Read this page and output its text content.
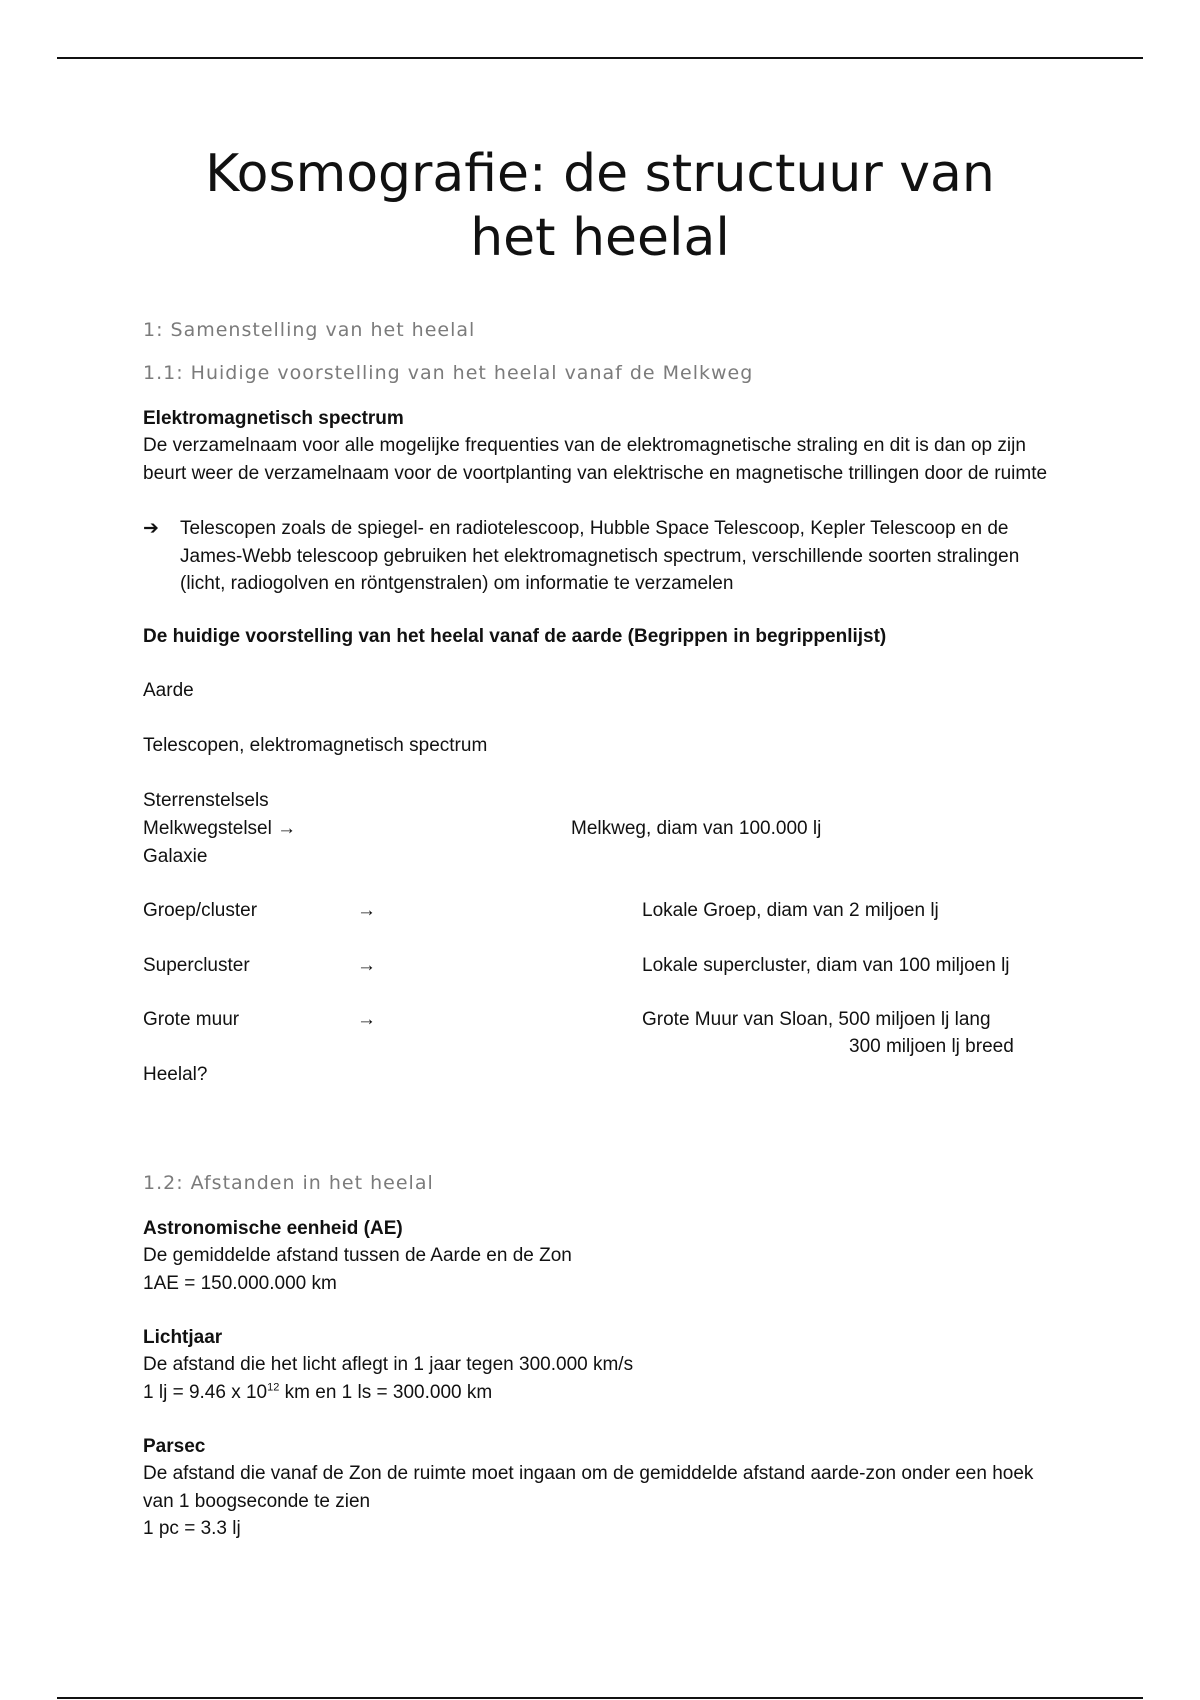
Kosmografie: de structuur van
het heelal
1: Samenstelling van het heelal
1.1: Huidige voorstelling van het heelal vanaf de Melkweg
Elektromagnetisch spectrum
De verzamelnaam voor alle mogelijke frequenties van de elektromagnetische straling en dit is dan op zijn beurt weer de verzamelnaam voor de voortplanting van elektrische en magnetische trillingen door de ruimte
➔ Telescopen zoals de spiegel- en radiotelescoop, Hubble Space Telescoop, Kepler Telescoop en de James-Webb telescoop gebruiken het elektromagnetisch spectrum, verschillende soorten stralingen (licht, radiogolven en röntgenstralen) om informatie te verzamelen
De huidige voorstelling van het heelal vanaf de aarde (Begrippen in begrippenlijst)
Aarde
Telescopen, elektromagnetisch spectrum
Sterrenstelsels
Melkwegstelsel →	Melkweg, diam van 100.000 lj
Galaxie
Groep/cluster	→	Lokale Groep, diam van 2 miljoen lj
Supercluster	→	Lokale supercluster, diam van 100 miljoen lj
Grote muur	→	Grote Muur van Sloan, 500 miljoen lj lang
300 miljoen lj breed
Heelal?
1.2: Afstanden in het heelal
Astronomische eenheid (AE)
De gemiddelde afstand tussen de Aarde en de Zon
1AE = 150.000.000 km
Lichtjaar
De afstand die het licht aflegt in 1 jaar tegen 300.000 km/s
1 lj = 9.46 x $10^{12}$ km en 1 ls = 300.000 km
Parsec
De afstand die vanaf de Zon de ruimte moet ingaan om de gemiddelde afstand aarde-zon onder een hoek van 1 boogseconde te zien
1 pc = 3.3 lj
